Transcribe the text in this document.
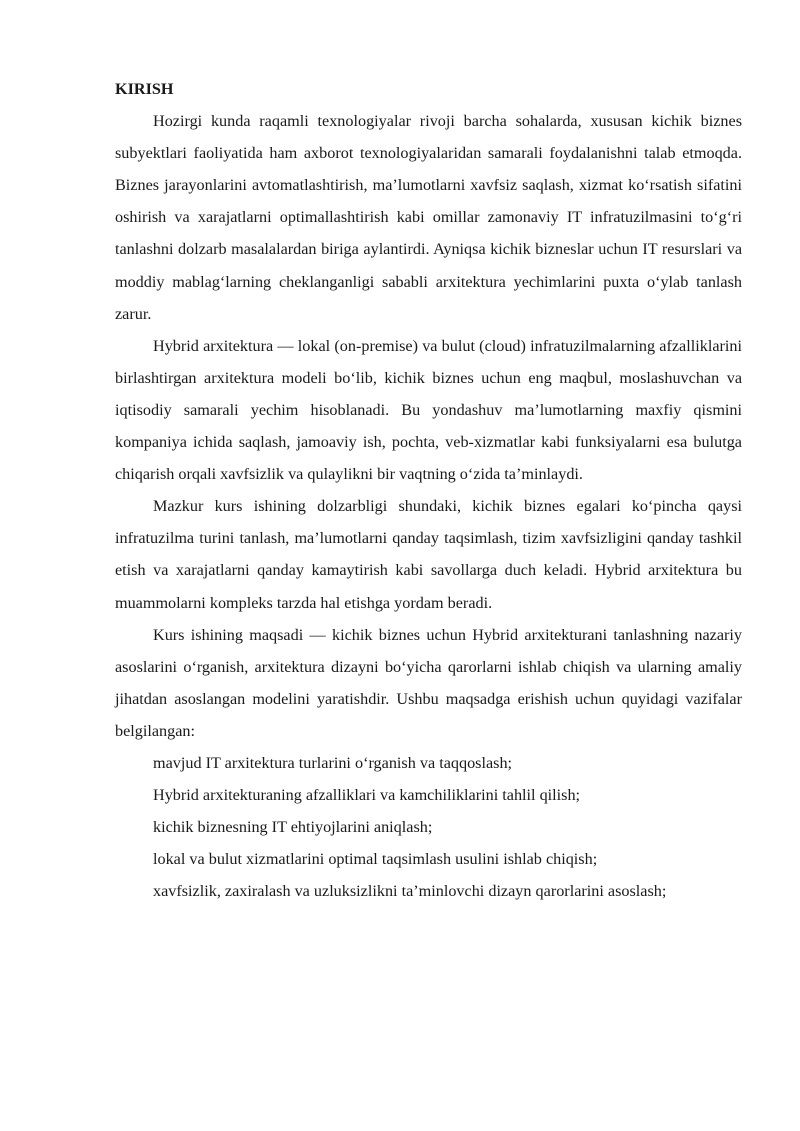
KIRISH

Hozirgi kunda raqamli texnologiyalar rivoji barcha sohalarda, xususan kichik biznes subyektlari faoliyatida ham axborot texnologiyalaridan samarali foydalanishni talab etmoqda. Biznes jarayonlarini avtomatlashtirish, ma’lumotlarni xavfsiz saqlash, xizmat ko‘rsatish sifatini oshirish va xarajatlarni optimallashtirish kabi omillar zamonaviy IT infratuzilmasini to‘g‘ri tanlashni dolzarb masalalardan biriga aylantirdi. Ayniqsa kichik bizneslar uchun IT resurslari va moddiy mablag‘larning cheklanganligi sababli arxitektura yechimlarini puxta o‘ylab tanlash zarur.

Hybrid arxitektura — lokal (on-premise) va bulut (cloud) infratuzilmalarning afzalliklarini birlashtirgan arxitektura modeli bo‘lib, kichik biznes uchun eng maqbul, moslashuvchan va iqtisodiy samarali yechim hisoblanadi. Bu yondashuv ma’lumotlarning maxfiy qismini kompaniya ichida saqlash, jamoaviy ish, pochta, veb-xizmatlar kabi funksiyalarni esa bulutga chiqarish orqali xavfsizlik va qulaylikni bir vaqtning o‘zida ta’minlaydi.

Mazkur kurs ishining dolzarbligi shundaki, kichik biznes egalari ko‘pincha qaysi infratuzilma turini tanlash, ma’lumotlarni qanday taqsimlash, tizim xavfsizligini qanday tashkil etish va xarajatlarni qanday kamaytirish kabi savollarga duch keladi. Hybrid arxitektura bu muammolarni kompleks tarzda hal etishga yordam beradi.

Kurs ishining maqsadi — kichik biznes uchun Hybrid arxitekturani tanlashning nazariy asoslarini o‘rganish, arxitektura dizayni bo‘yicha qarorlarni ishlab chiqish va ularning amaliy jihatdan asoslangan modelini yaratishdir. Ushbu maqsadga erishish uchun quyidagi vazifalar belgilangan:

mavjud IT arxitektura turlarini o‘rganish va taqqoslash;

Hybrid arxitekturaning afzalliklari va kamchiliklarini tahlil qilish;

kichik biznesning IT ehtiyojlarini aniqlash;

lokal va bulut xizmatlarini optimal taqsimlash usulini ishlab chiqish;

xavfsizlik, zaxiralash va uzluksizlikni ta’minlovchi dizayn qarorlarini asoslash;
